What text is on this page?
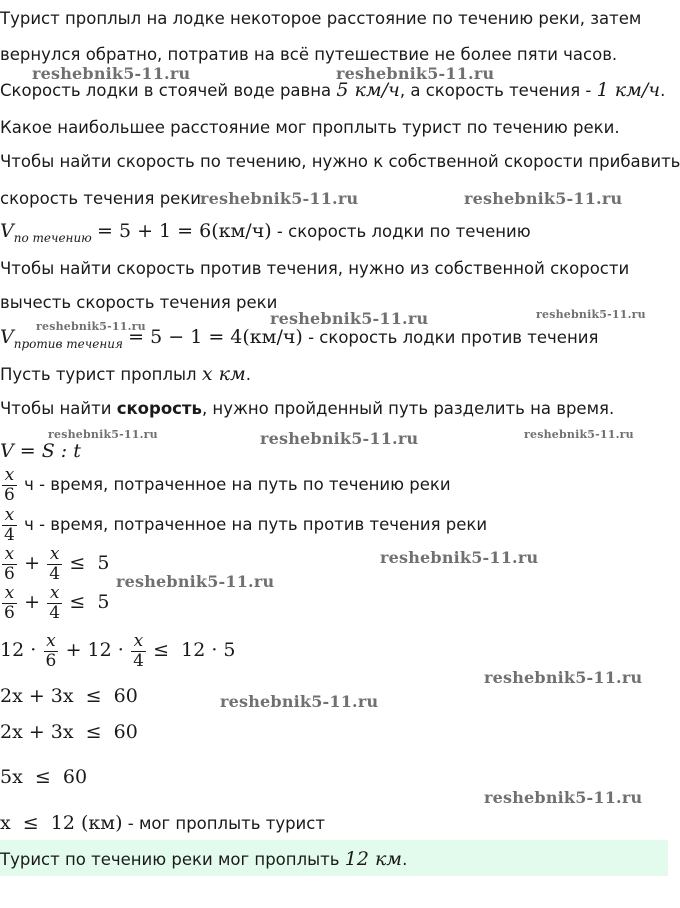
Турист проплыл на лодке некоторое расстояние по течению реки, затем
вернулся обратно, потратив на всё путешествие не более пяти часов.
Скорость лодки в стоячей воде равна 5 км/ч, а скорость течения - 1 км/ч.
Какое наибольшее расстояние мог проплыть турист по течению реки.
Чтобы найти скорость по течению, нужно к собственной скорости прибавить
скорость течения реки
$V_{по течению} = 5 + 1 = 6(км/ч)$ - скорость лодки по течению
Чтобы найти скорость против течения, нужно из собственной скорости
вычесть скорость течения реки
$V_{против течения} = 5 - 1 = 4(км/ч)$ - скорость лодки против течения
Пусть турист проплыл x км.
Чтобы найти скорость, нужно пройденный путь разделить на время.
V = S : t
$\frac{x}{6}$ ч - время, потраченное на путь по течению реки
$\frac{x}{4}$ ч - время, потраченное на путь против течения реки
$\frac{x}{6} + \frac{x}{4} \le 5$
$\frac{x}{6} + \frac{x}{4} \le 5$
$12 \cdot \frac{x}{6} + 12 \cdot \frac{x}{4} \le 12 \cdot 5$
2x + 3x  ≤  60
2x + 3x  ≤  60
5x  ≤  60
x  ≤  12 (км) - мог проплыть турист
Турист по течению реки мог проплыть 12 км.
reshebnik5-11.ru	reshebnik5-11.ru
reshebnik5-11.ru	reshebnik5-11.ru
reshebnik5-11.ru	reshebnik5-11.ru
reshebnik5-11.ru
reshebnik5-11.ru	reshebnik5-11.ru	reshebnik5-11.ru
reshebnik5-11.ru
reshebnik5-11.ru
reshebnik5-11.ru
reshebnik5-11.ru
reshebnik5-11.ru
